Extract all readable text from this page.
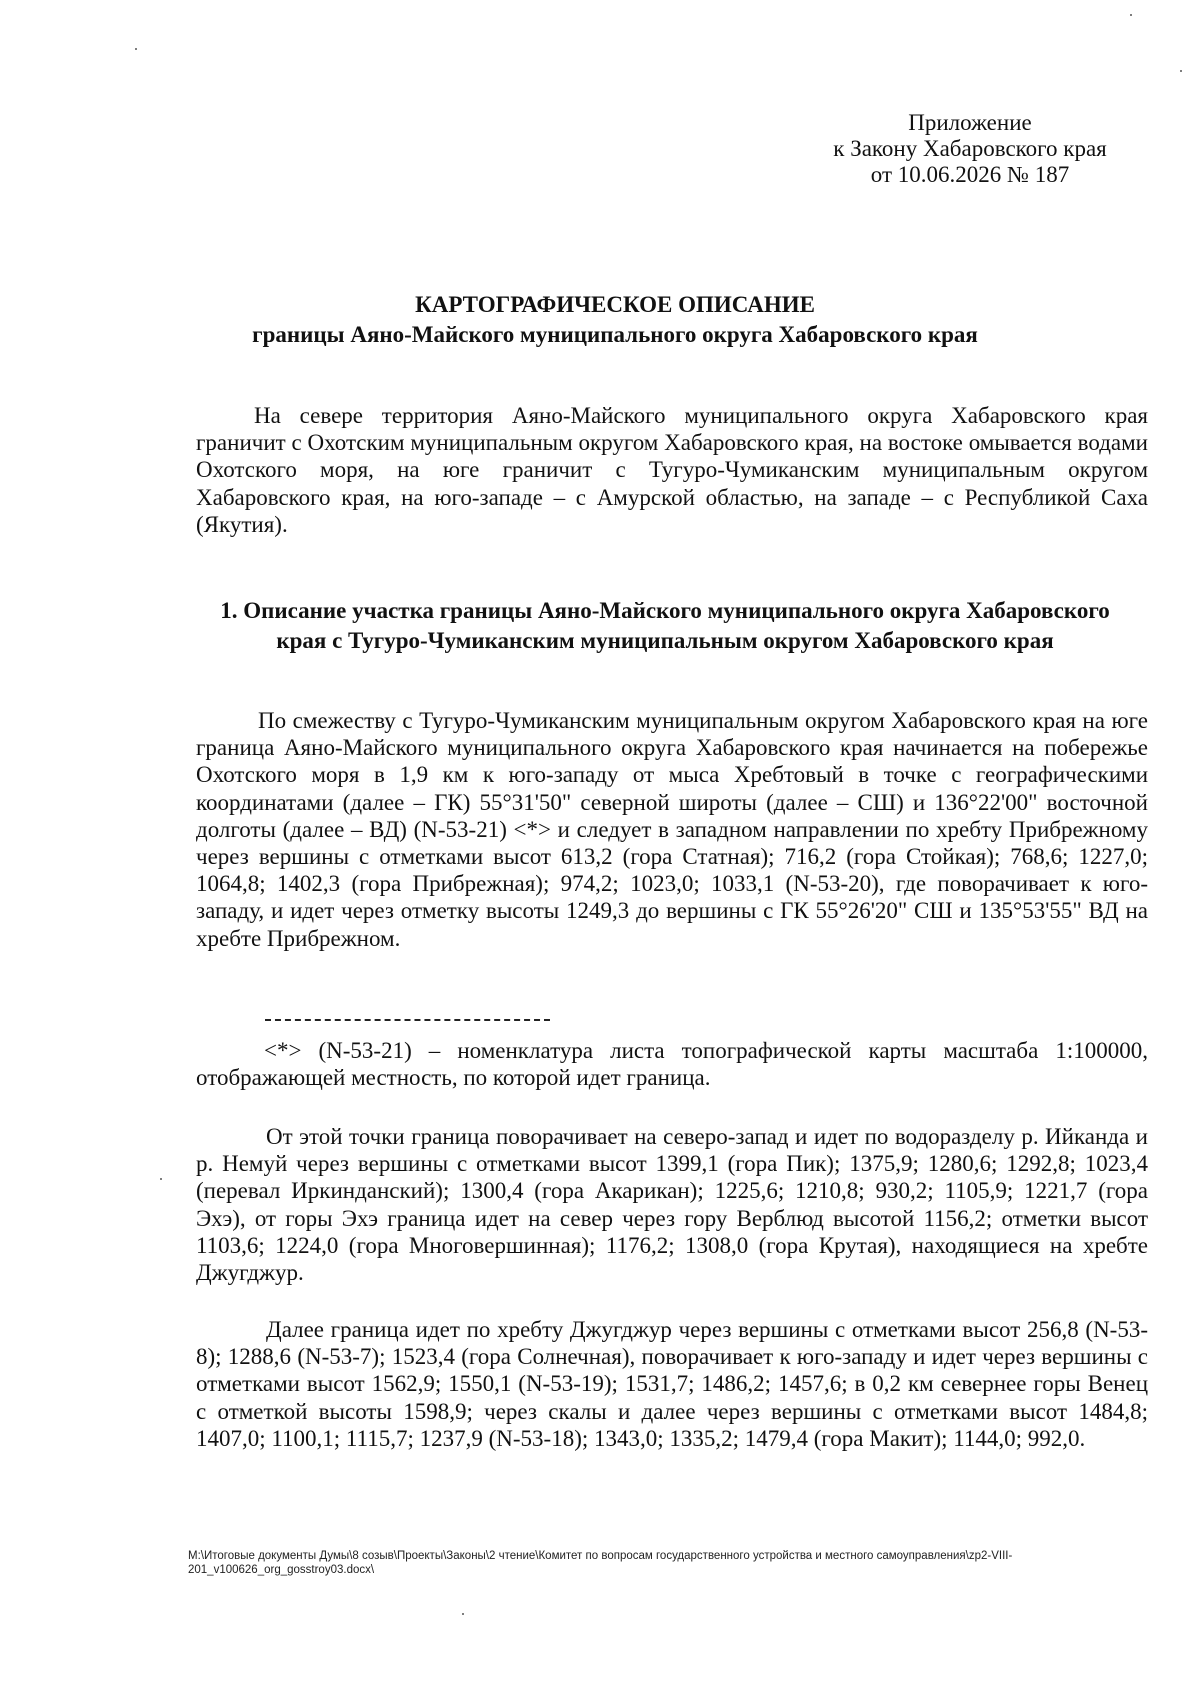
Приложение
к Закону Хабаровского края
от 10.06.2026 № 187
КАРТОГРАФИЧЕСКОЕ ОПИСАНИЕ
границы Аяно-Майского муниципального округа Хабаровского края

На севере территория Аяно-Майского муниципального округа Хабаровского края граничит с Охотским муниципальным округом Хабаровского края, на востоке омывается водами Охотского моря, на юге граничит с Тугуро-Чумиканским муниципальным округом Хабаровского края, на юго-западе – с Амурской областью, на западе – с Республикой Саха (Якутия).

1. Описание участка границы Аяно-Майского муниципального округа Хабаровского края с Тугуро-Чумиканским муниципальным округом Хабаровского края

По смежеству с Тугуро-Чумиканским муниципальным округом Хабаровского края на юге граница Аяно-Майского муниципального округа Хабаровского края начинается на побережье Охотского моря в 1,9 км к юго-западу от мыса Хребтовый в точке с географическими координатами (далее – ГК) 55°31'50" северной широты (далее – СШ) и 136°22'00" восточной долготы (далее – ВД) (N-53-21) <*> и следует в западном направлении по хребту Прибрежному через вершины с отметками высот 613,2 (гора Статная); 716,2 (гора Стойкая); 768,6; 1227,0; 1064,8; 1402,3 (гора Прибрежная); 974,2; 1023,0; 1033,1 (N-53-20), где поворачивает к юго-западу, и идет через отметку высоты 1249,3 до вершины с ГК 55°26'20" СШ и 135°53'55" ВД на хребте Прибрежном.

<*> (N-53-21) – номенклатура листа топографической карты масштаба 1:100000, отображающей местность, по которой идет граница.

От этой точки граница поворачивает на северо-запад и идет по водоразделу р. Ийканда и р. Немуй через вершины с отметками высот 1399,1 (гора Пик); 1375,9; 1280,6; 1292,8; 1023,4 (перевал Иркинданский); 1300,4 (гора Акарикан); 1225,6; 1210,8; 930,2; 1105,9; 1221,7 (гора Эхэ), от горы Эхэ граница идет на север через гору Верблюд высотой 1156,2; отметки высот 1103,6; 1224,0 (гора Многовершинная); 1176,2; 1308,0 (гора Крутая), находящиеся на хребте Джугджур.

Далее граница идет по хребту Джугджур через вершины с отметками высот 256,8 (N-53-8); 1288,6 (N-53-7); 1523,4 (гора Солнечная), поворачивает к юго-западу и идет через вершины с отметками высот 1562,9; 1550,1 (N-53-19); 1531,7; 1486,2; 1457,6; в 0,2 км севернее горы Венец с отметкой высоты 1598,9; через скалы и далее через вершины с отметками высот 1484,8; 1407,0; 1100,1; 1115,7; 1237,9 (N-53-18); 1343,0; 1335,2; 1479,4 (гора Макит); 1144,0; 992,0.

М:\Итоговые документы Думы\8 созыв\Проекты\Законы\2 чтение\Комитет по вопросам государственного устройства и местного самоуправления\zp2-VIII-201_v100626_org_gosstroy03.docx\
